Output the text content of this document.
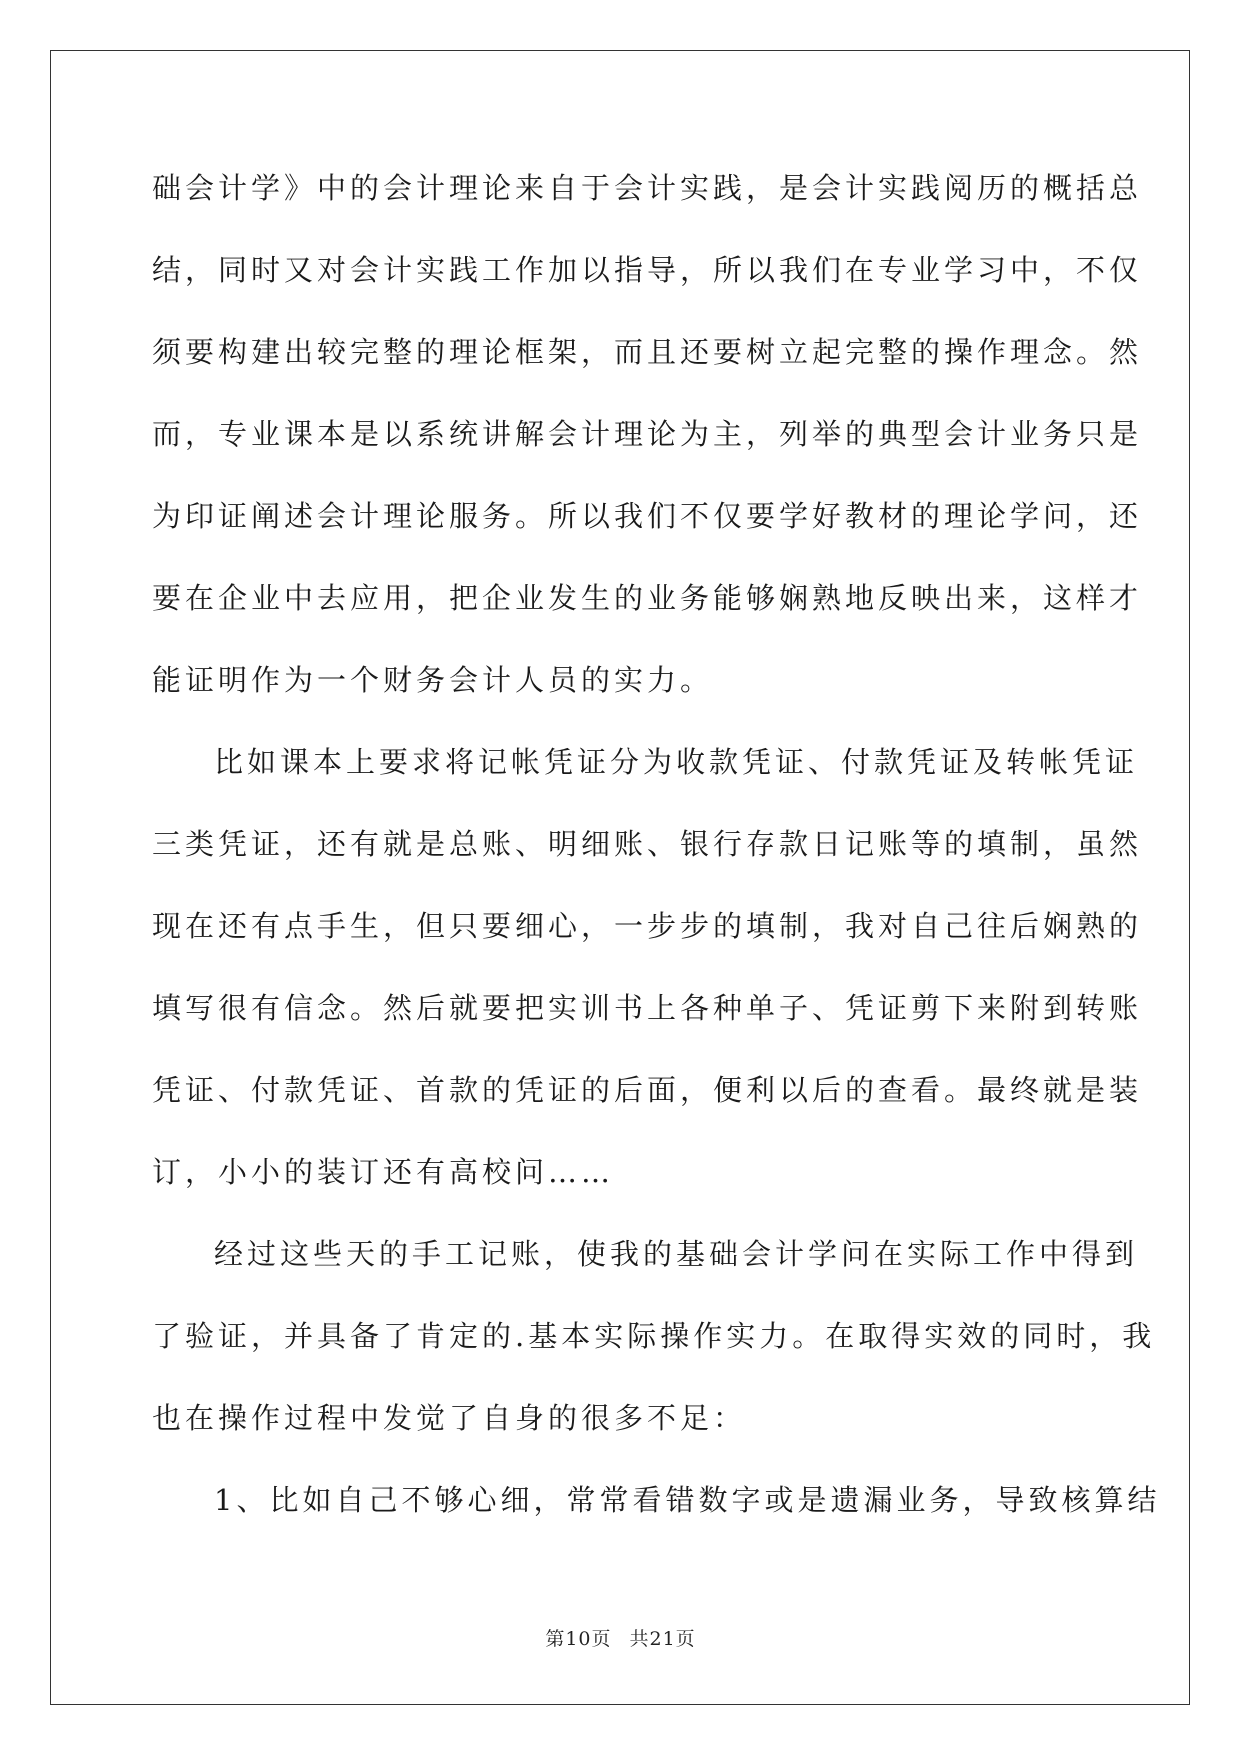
础会计学》中的会计理论来自于会计实践，是会计实践阅历的概括总
结，同时又对会计实践工作加以指导，所以我们在专业学习中，不仅
须要构建出较完整的理论框架，而且还要树立起完整的操作理念。然
而，专业课本是以系统讲解会计理论为主，列举的典型会计业务只是
为印证阐述会计理论服务。所以我们不仅要学好教材的理论学问，还
要在企业中去应用，把企业发生的业务能够娴熟地反映出来，这样才
能证明作为一个财务会计人员的实力。
比如课本上要求将记帐凭证分为收款凭证、付款凭证及转帐凭证
三类凭证，还有就是总账、明细账、银行存款日记账等的填制，虽然
现在还有点手生，但只要细心，一步步的填制，我对自己往后娴熟的
填写很有信念。然后就要把实训书上各种单子、凭证剪下来附到转账
凭证、付款凭证、首款的凭证的后面，便利以后的查看。最终就是装
订，小小的装订还有高校问……
经过这些天的手工记账，使我的基础会计学问在实际工作中得到
了验证，并具备了肯定的.基本实际操作实力。在取得实效的同时，我
也在操作过程中发觉了自身的很多不足：
1、比如自己不够心细，常常看错数字或是遗漏业务，导致核算结
第10页 共21页
